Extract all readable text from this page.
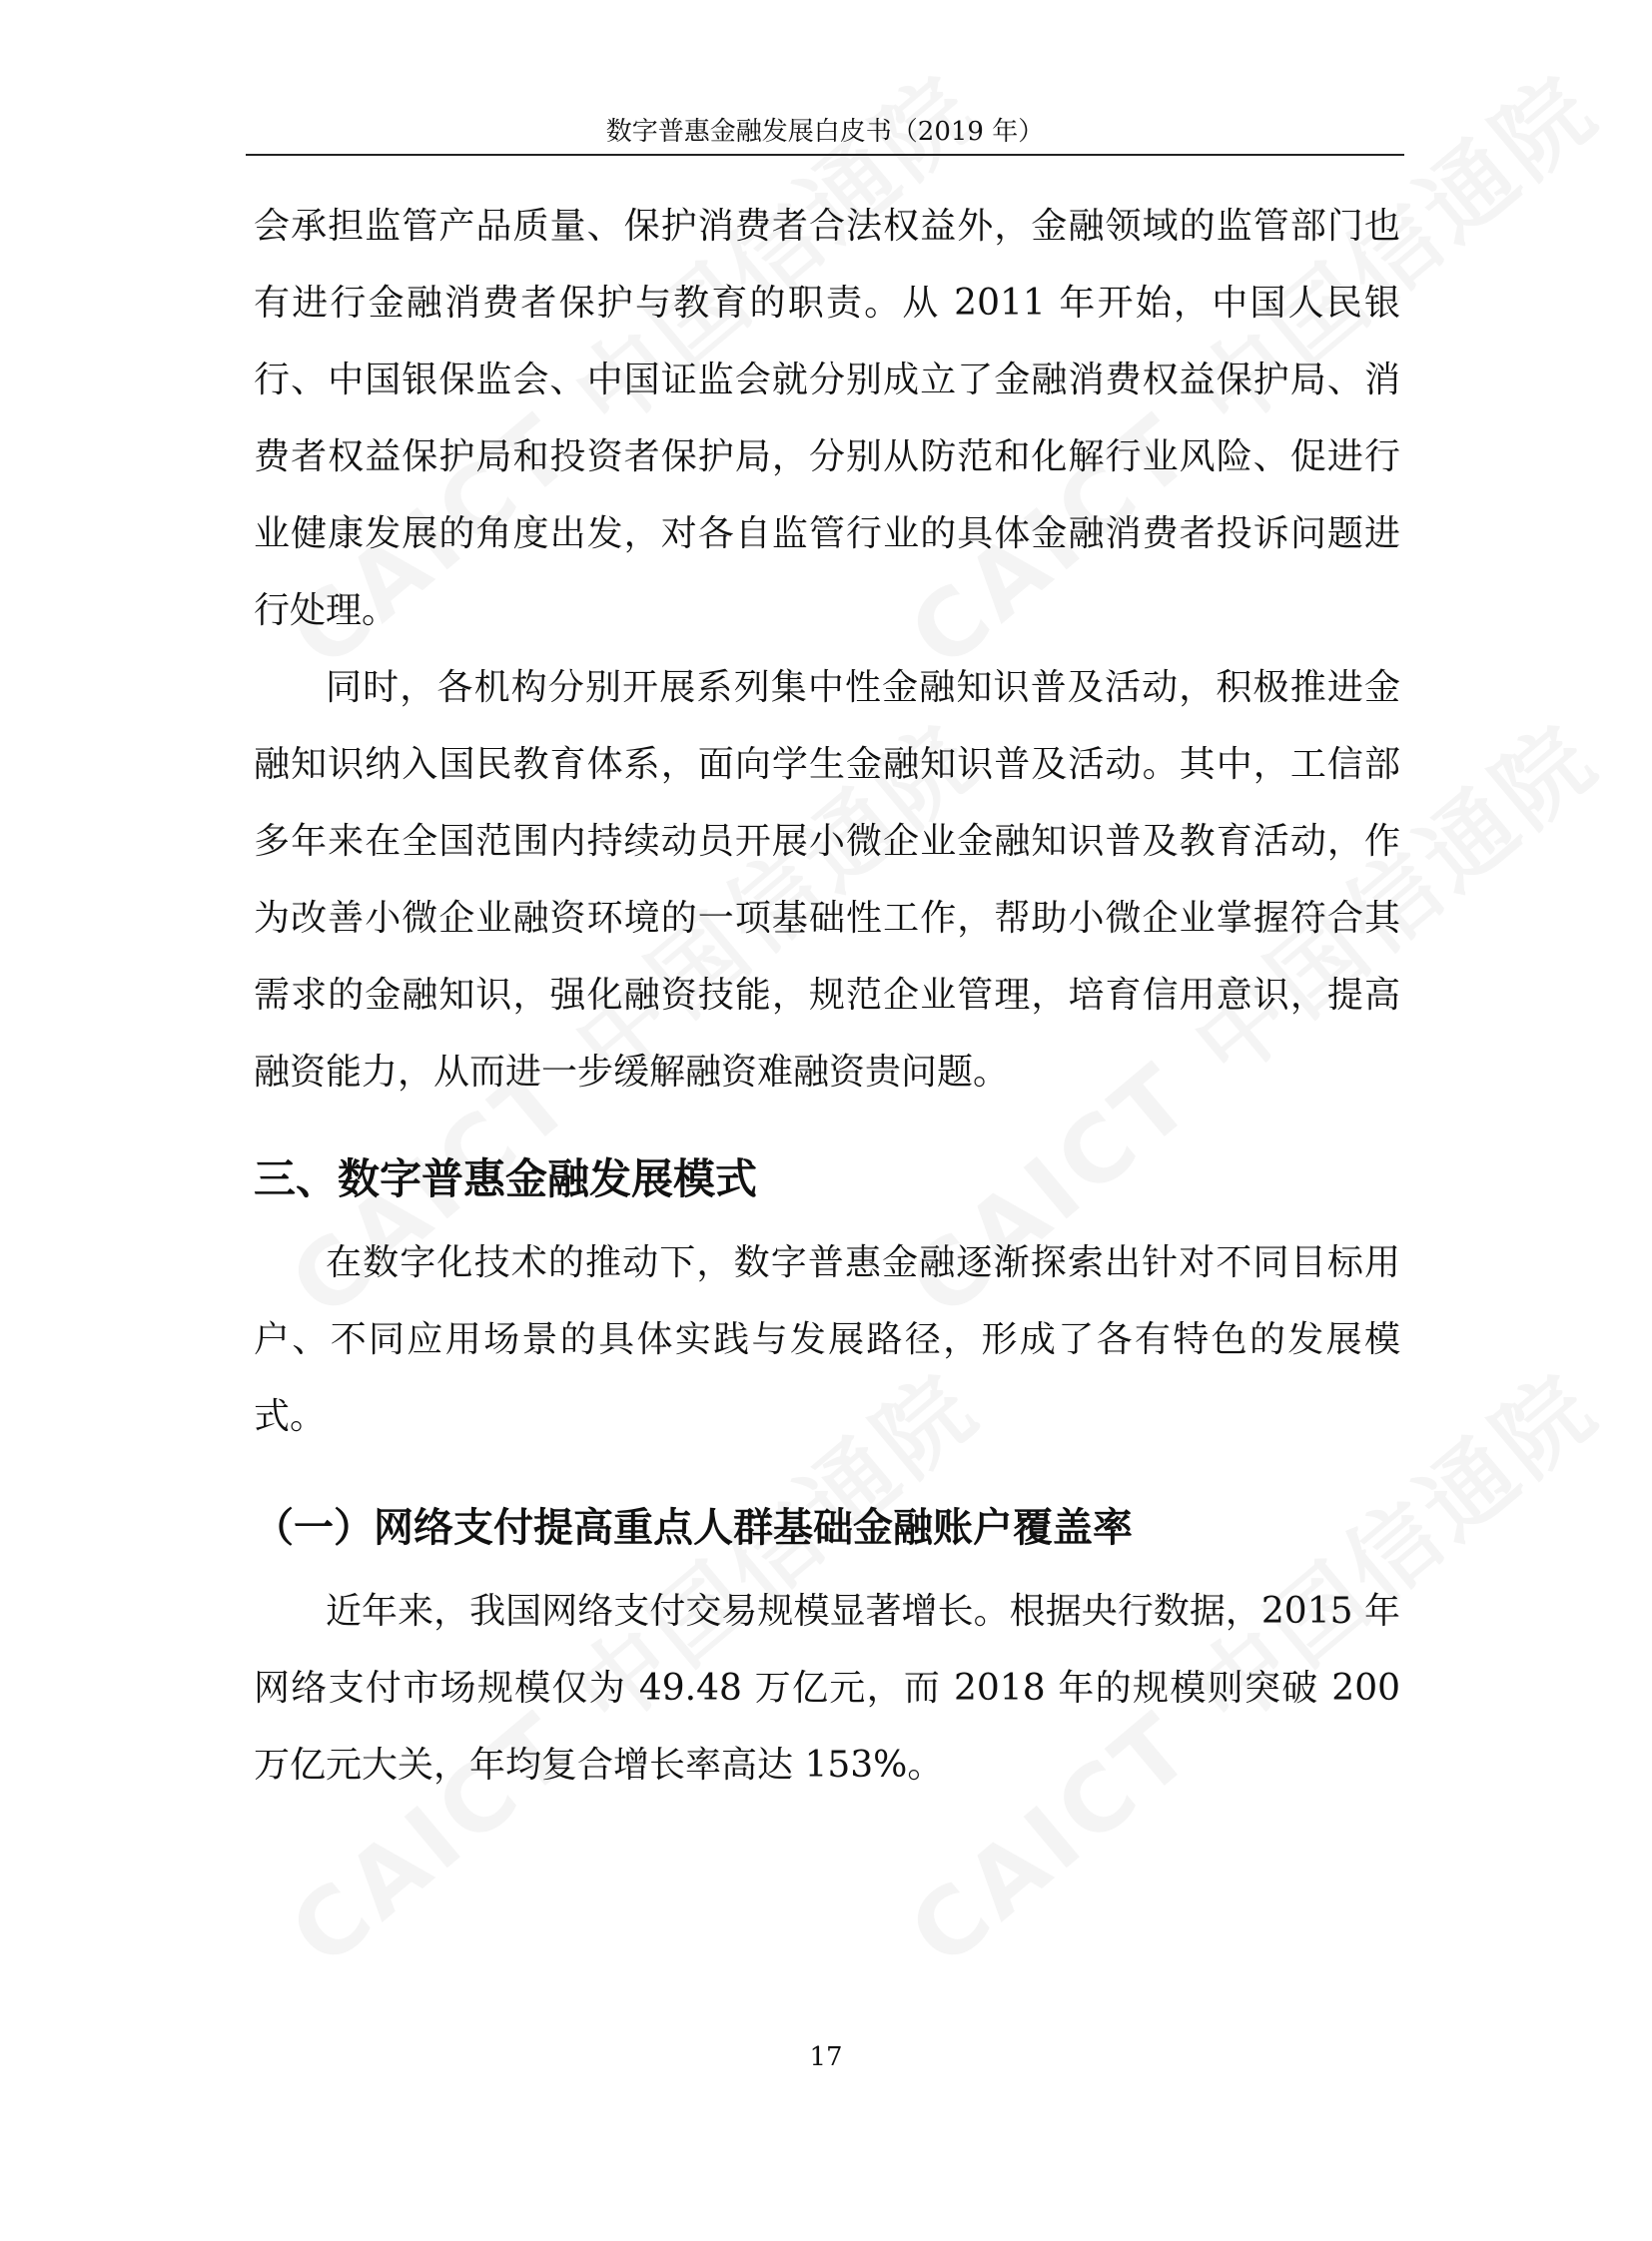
数字普惠金融发展白皮书（2019 年）

会承担监管产品质量、保护消费者合法权益外，金融领域的监管部门也有进行金融消费者保护与教育的职责。从 2011 年开始，中国人民银行、中国银保监会、中国证监会就分别成立了金融消费权益保护局、消费者权益保护局和投资者保护局，分别从防范和化解行业风险、促进行业健康发展的角度出发，对各自监管行业的具体金融消费者投诉问题进行处理。

同时，各机构分别开展系列集中性金融知识普及活动，积极推进金融知识纳入国民教育体系，面向学生金融知识普及活动。其中，工信部多年来在全国范围内持续动员开展小微企业金融知识普及教育活动，作为改善小微企业融资环境的一项基础性工作，帮助小微企业掌握符合其需求的金融知识，强化融资技能，规范企业管理，培育信用意识，提高融资能力，从而进一步缓解融资难融资贵问题。

三、数字普惠金融发展模式

在数字化技术的推动下，数字普惠金融逐渐探索出针对不同目标用户、不同应用场景的具体实践与发展路径，形成了各有特色的发展模式。

（一）网络支付提高重点人群基础金融账户覆盖率

近年来，我国网络支付交易规模显著增长。根据央行数据，2015 年网络支付市场规模仅为 49.48 万亿元，而 2018 年的规模则突破 200 万亿元大关，年均复合增长率高达 153%。

17
